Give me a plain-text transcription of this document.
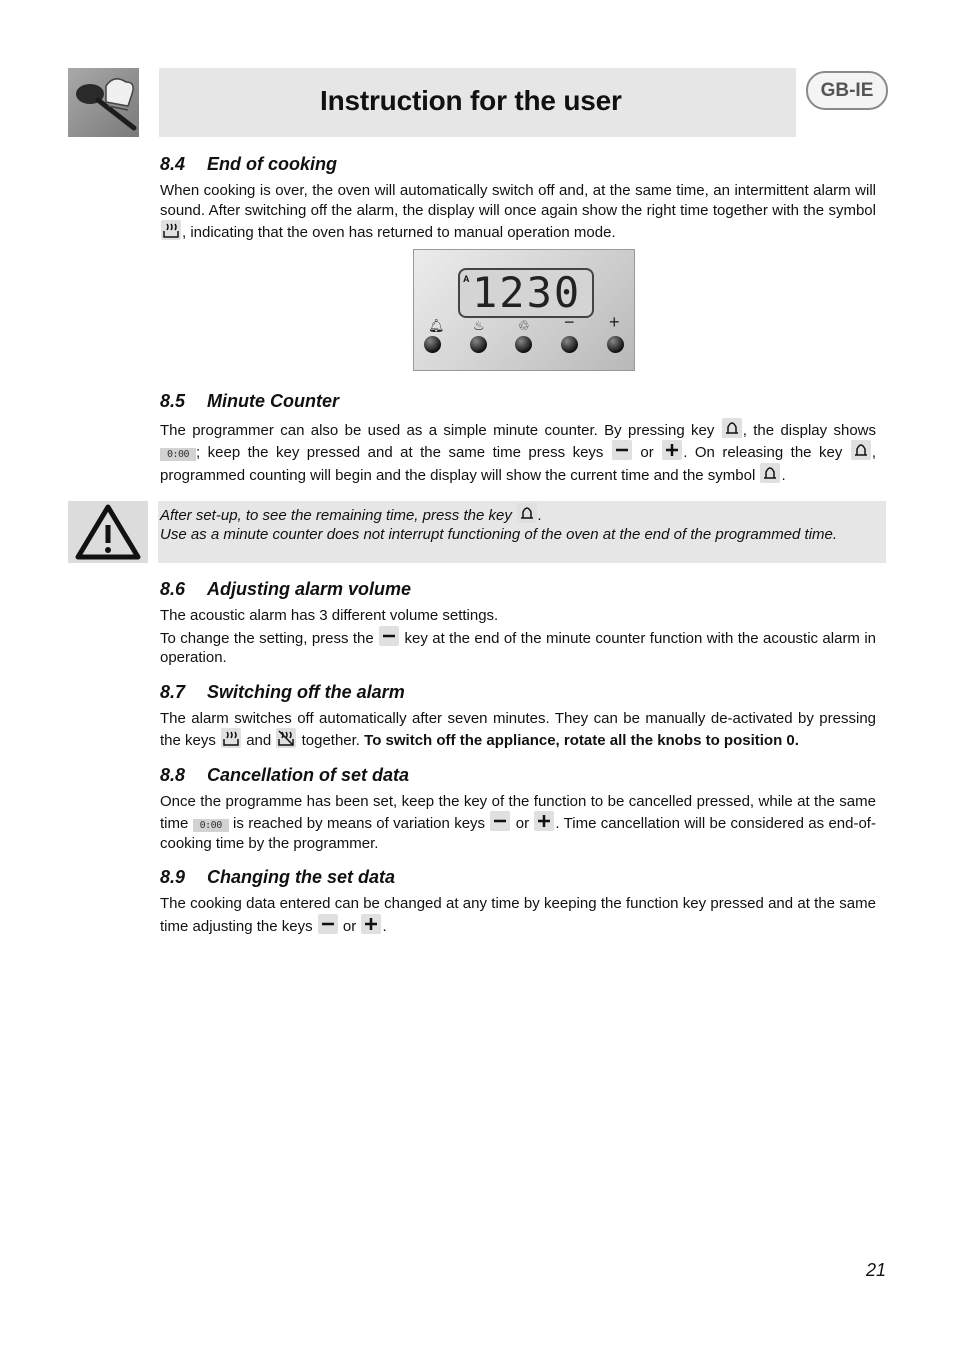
Instruction for the user	GB-IE
8.4 End of cooking

When cooking is over, the oven will automatically switch off and, at the same time, an intermittent alarm will sound. After switching off the alarm, the display will once again show the right time together with the symbol
, indicating that the oven has returned to manual operation mode.

A 1230
🔔︎ ♨︎	♲ − +
8.5 Minute Counter

The programmer can also be used as a simple minute counter. By pressing key , the display shows 0:00 ; keep the key pressed and at the same time press keys or . On releasing the key , programmed counting will begin and the display will show the current time and the symbol .

After set-up, to see the remaining time, press the key .

Use as a minute counter does not interrupt functioning of the oven at the end of the programmed time.

8.6 Adjusting alarm volume

The acoustic alarm has 3 different volume settings.

To change the setting, press the key at the end of the minute counter function with the acoustic alarm in operation.

8.7 Switching off the alarm

The alarm switches off automatically after seven minutes. They can be manually de-activated by pressing the keys and together. To switch off the appliance, rotate all the knobs to position 0.

8.8 Cancellation of set data

Once the programme has been set, keep the key of the function to be cancelled pressed, while at the same time 0:00 is reached by means of variation keys or . Time cancellation will be considered as end-of-cooking time by the programmer.

8.9 Changing the set data

The cooking data entered can be changed at any time by keeping the function key pressed and at the same time adjusting the keys or .

21
